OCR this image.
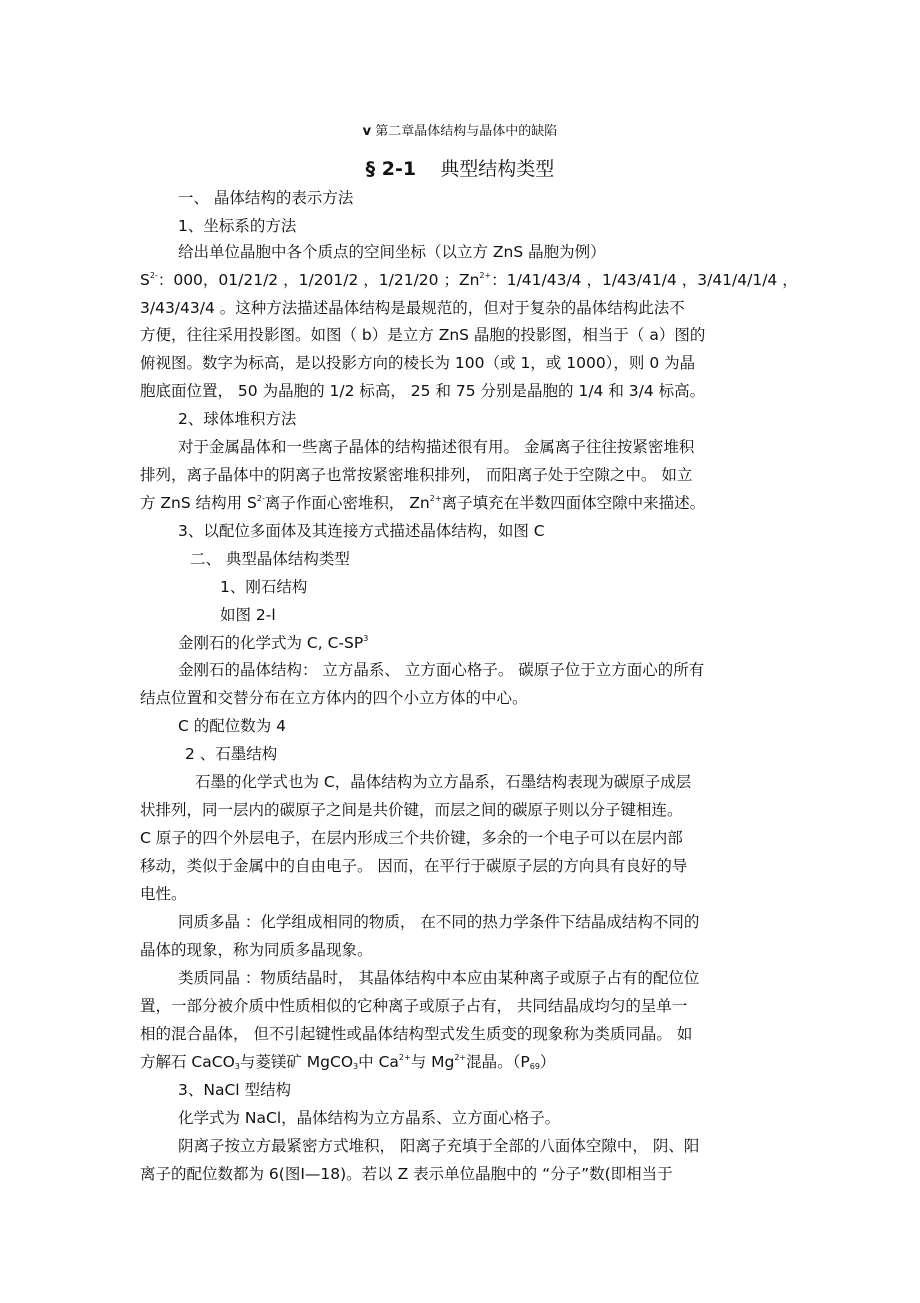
v 第二章晶体结构与晶体中的缺陷
§ 2-1 典型结构类型
一、 晶体结构的表示方法
1、坐标系的方法
给出单位晶胞中各个质点的空间坐标（以立方 ZnS 晶胞为例）
$S^{2-}$：000，01/21/2 ，1/201/2 ，1/21/20 ；$Zn^{2+}$：1/41/43/4 ，1/43/41/4 ，3/41/4/1/4 ，
3/43/43/4 。这种方法描述晶体结构是最规范的，但对于复杂的晶体结构此法不
方便，往往采用投影图。如图（ b）是立方 ZnS 晶胞的投影图，相当于（ a）图的
俯视图。数字为标高，是以投影方向的棱长为 100（或 1，或 1000），则 0 为晶
胞底面位置， 50 为晶胞的 1/2 标高， 25 和 75 分别是晶胞的 1/4 和 3/4 标高。
2、球体堆积方法
对于金属晶体和一些离子晶体的结构描述很有用。 金属离子往往按紧密堆积
排列，离子晶体中的阴离子也常按紧密堆积排列， 而阳离子处于空隙之中。 如立
方 ZnS 结构用 $S^{2-}$离子作面心密堆积， $Zn^{2+}$离子填充在半数四面体空隙中来描述。
3、以配位多面体及其连接方式描述晶体结构，如图 C
二、 典型晶体结构类型
1、刚石结构
如图 2-l
金刚石的化学式为 C, $C-SP^3$
金刚石的晶体结构： 立方晶系、 立方面心格子。 碳原子位于立方面心的所有
结点位置和交替分布在立方体内的四个小立方体的中心。
C 的配位数为 4
2 、石墨结构
石墨的化学式也为 C，晶体结构为立方晶系，石墨结构表现为碳原子成层
状排列，同一层内的碳原子之间是共价键，而层之间的碳原子则以分子键相连。
C 原子的四个外层电子，在层内形成三个共价键，多余的一个电子可以在层内部
移动，类似于金属中的自由电子。 因而，在平行于碳原子层的方向具有良好的导
电性。
同质多晶 ：化学组成相同的物质， 在不同的热力学条件下结晶成结构不同的
晶体的现象，称为同质多晶现象。
类质同晶 ：物质结晶时， 其晶体结构中本应由某种离子或原子占有的配位位
置，一部分被介质中性质相似的它种离子或原子占有， 共同结晶成均匀的呈单一
相的混合晶体， 但不引起键性或晶体结构型式发生质变的现象称为类质同晶。 如
方解石 CaCO$_3$与菱镁矿 MgCO$_3$中 $Ca^{2+}$与 $Mg^{2+}$混晶。$(P_{69})$
3、NaCl 型结构
化学式为 NaCl，晶体结构为立方晶系、立方面心格子。
阴离子按立方最紧密方式堆积， 阳离子充填于全部的八面体空隙中， 阴、阳
离子的配位数都为 6(图Ⅰ—18)。若以 Z 表示单位晶胞中的 “分子”数(即相当于
